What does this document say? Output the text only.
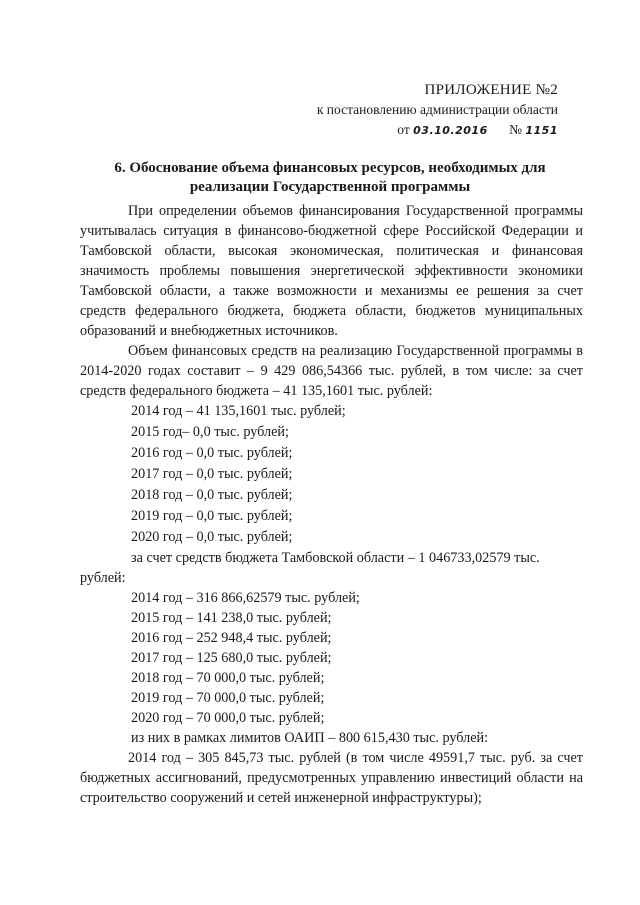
ПРИЛОЖЕНИЕ №2
к постановлению администрации области
от 03.10.2016 № 1151
6. Обоснование объема финансовых ресурсов, необходимых для
реализации Государственной программы

При определении объемов финансирования Государственной программы учитывалась ситуация в финансово-бюджетной сфере Российской Федерации и Тамбовской области, высокая экономическая, политическая и финансовая значимость проблемы повышения энергетической эффективности экономики Тамбовской области, а также возможности и механизмы ее решения за счет средств федерального бюджета, бюджета области, бюджетов муниципальных образований и внебюджетных источников.

Объем финансовых средств на реализацию Государственной программы в 2014-2020 годах составит – 9 429 086,54366 тыс. рублей, в том числе: за счет средств федерального бюджета – 41 135,1601 тыс. рублей:

2014 год – 41 135,1601 тыс. рублей;

2015 год– 0,0 тыс. рублей;

2016 год – 0,0 тыс. рублей;

2017 год – 0,0 тыс. рублей;

2018 год – 0,0 тыс. рублей;

2019 год – 0,0 тыс. рублей;

2020 год – 0,0 тыс. рублей;

за счет средств бюджета Тамбовской области – 1 046733,02579 тыс. рублей:

2014 год – 316 866,62579 тыс. рублей;

2015 год – 141 238,0 тыс. рублей;

2016 год – 252 948,4 тыс. рублей;

2017 год – 125 680,0 тыс. рублей;

2018 год – 70 000,0 тыс. рублей;

2019 год – 70 000,0 тыс. рублей;

2020 год – 70 000,0 тыс. рублей;

из них в рамках лимитов ОАИП – 800 615,430 тыс. рублей:

2014 год – 305 845,73 тыс. рублей (в том числе 49591,7 тыс. руб. за счет бюджетных ассигнований, предусмотренных управлению инвестиций области на строительство сооружений и сетей инженерной инфраструктуры);
